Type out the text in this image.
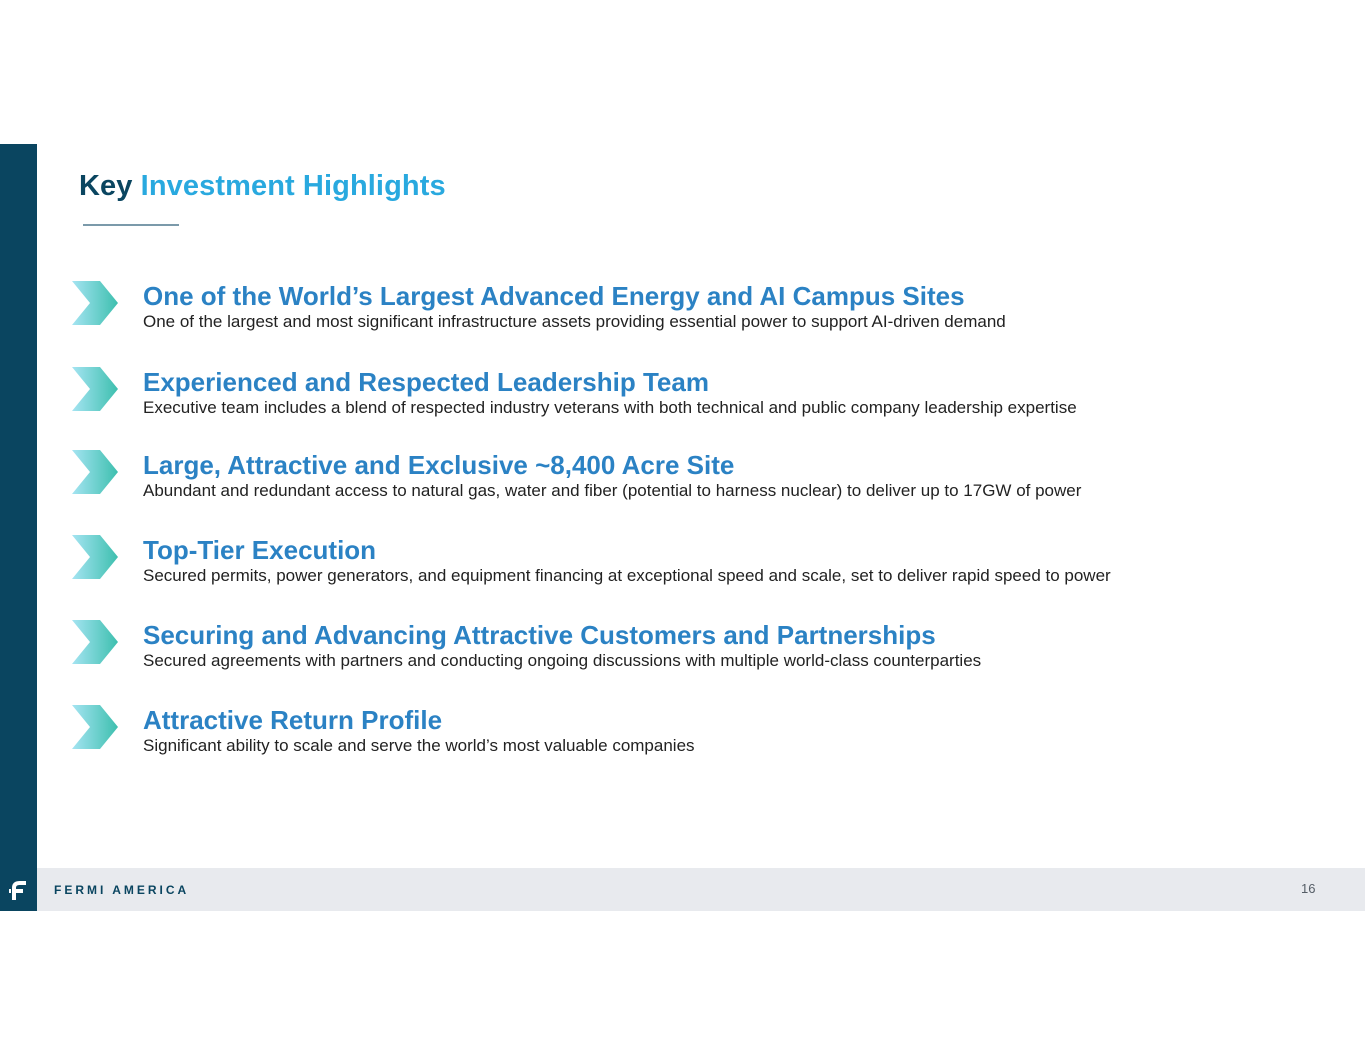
Key Investment Highlights

One of the World’s Largest Advanced Energy and AI Campus Sites

One of the largest and most significant infrastructure assets providing essential power to support AI-driven demand

Experienced and Respected Leadership Team

Executive team includes a blend of respected industry veterans with both technical and public company leadership expertise

Large, Attractive and Exclusive ~8,400 Acre Site

Abundant and redundant access to natural gas, water and fiber (potential to harness nuclear) to deliver up to 17GW of power

Top-Tier Execution

Secured permits, power generators, and equipment financing at exceptional speed and scale, set to deliver rapid speed to power

Securing and Advancing Attractive Customers and Partnerships

Secured agreements with partners and conducting ongoing discussions with multiple world-class counterparties

Attractive Return Profile

Significant ability to scale and serve the world’s most valuable companies

FERMI AMERICA	16
